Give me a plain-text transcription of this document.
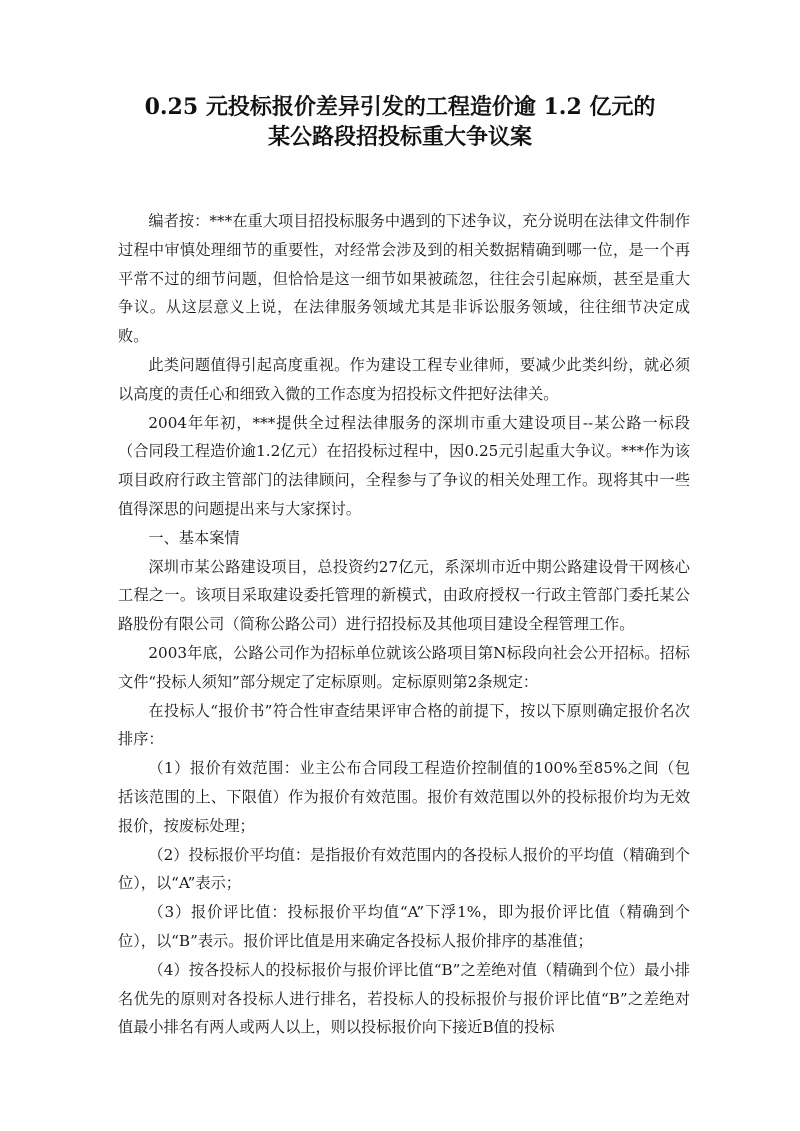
0.25 元投标报价差异引发的工程造价逾 1.2 亿元的
某公路段招投标重大争议案

编者按：***在重大项目招投标服务中遇到的下述争议，充分说明在法律文件制作过程中审慎处理细节的重要性，对经常会涉及到的相关数据精确到哪一位，是一个再平常不过的细节问题，但恰恰是这一细节如果被疏忽，往往会引起麻烦，甚至是重大争议。从这层意义上说，在法律服务领域尤其是非诉讼服务领域，往往细节决定成败。

此类问题值得引起高度重视。作为建设工程专业律师，要减少此类纠纷，就必须以高度的责任心和细致入微的工作态度为招投标文件把好法律关。

2004年年初，***提供全过程法律服务的深圳市重大建设项目--某公路一标段（合同段工程造价逾1.2亿元）在招投标过程中，因0.25元引起重大争议。***作为该项目政府行政主管部门的法律顾问，全程参与了争议的相关处理工作。现将其中一些值得深思的问题提出来与大家探讨。

一、基本案情

深圳市某公路建设项目，总投资约27亿元，系深圳市近中期公路建设骨干网核心工程之一。该项目采取建设委托管理的新模式，由政府授权一行政主管部门委托某公路股份有限公司（简称公路公司）进行招投标及其他项目建设全程管理工作。

2003年底，公路公司作为招标单位就该公路项目第N标段向社会公开招标。招标文件“投标人须知”部分规定了定标原则。定标原则第2条规定：

在投标人“报价书”符合性审查结果评审合格的前提下，按以下原则确定报价名次排序：

（1）报价有效范围：业主公布合同段工程造价控制值的100%至85%之间（包括该范围的上、下限值）作为报价有效范围。报价有效范围以外的投标报价均为无效报价，按废标处理；

（2）投标报价平均值：是指报价有效范围内的各投标人报价的平均值（精确到个位），以“A”表示；

（3）报价评比值：投标报价平均值“A”下浮1%，即为报价评比值（精确到个位），以“B”表示。报价评比值是用来确定各投标人报价排序的基准值；

（4）按各投标人的投标报价与报价评比值“B”之差绝对值（精确到个位）最小排名优先的原则对各投标人进行排名，若投标人的投标报价与报价评比值“B”之差绝对值最小排名有两人或两人以上，则以投标报价向下接近B值的投标
